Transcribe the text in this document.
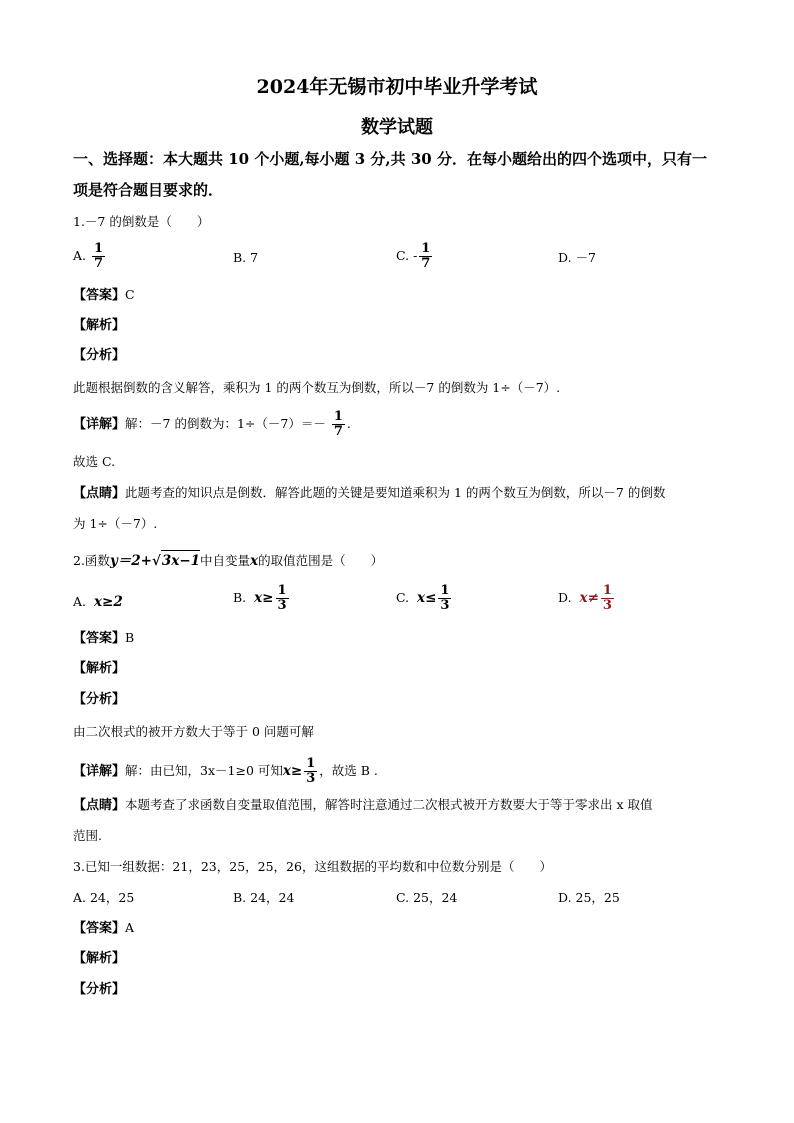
2024年无锡市初中毕业升学考试
数学试题
一、选择题：本大题共 10 个小题,每小题 3 分,共 30 分．在每小题给出的四个选项中，只有一
项是符合题目要求的．
1.－7 的倒数是（　　）
A. $\frac{1}{7}$	B. 7	C. - $\frac{1}{7}$	D. －7
【答案】C
【解析】
【分析】
此题根据倒数的含义解答，乘积为 1 的两个数互为倒数，所以－7 的倒数为 1÷（－7）.
【详解】解：－7 的倒数为：$1\div(-7)=- \frac{1}{7}$ .
故选 C.
【点睛】此题考查的知识点是倒数．解答此题的关键是要知道乘积为 1 的两个数互为倒数，所以－7 的倒数
为 1÷（－7）.
2.函数y＝2+√3x−1中自变量x的取值范围是（　　）
A. x≥2	B. $x\ge \frac{1}{3}$	C. $x\le \frac{1}{3}$	D. $x\ne \frac{1}{3}$
【答案】B
【解析】
【分析】
由二次根式的被开方数大于等于 0 问题可解
【详解】解：由已知，3x－1≥0 可知$x\ge \frac{1}{3}$ ，故选 B .
【点睛】本题考查了求函数自变量取值范围，解答时注意通过二次根式被开方数要大于等于零求出 x 取值
范围.
3.已知一组数据：21，23，25，25，26，这组数据的平均数和中位数分别是（　　）
A. 24，25	B. 24，24	C. 25，24	D. 25，25
【答案】A
【解析】
【分析】
